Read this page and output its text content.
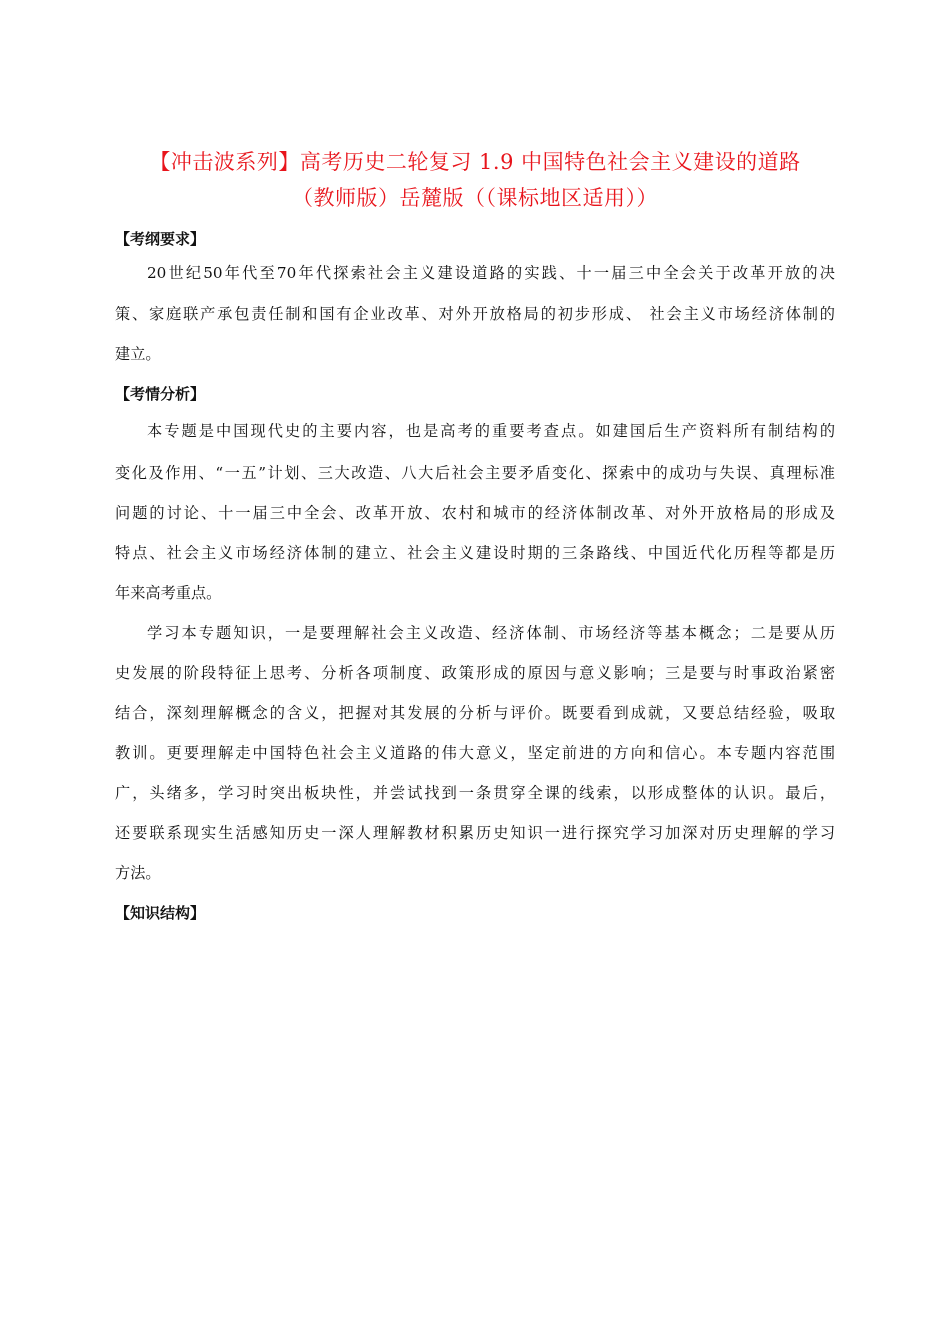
【冲击波系列】高考历史二轮复习 1.9 中国特色社会主义建设的道路
（教师版）岳麓版（（课标地区适用））
【考纲要求】
20世纪50年代至70年代探索社会主义建设道路的实践、十一届三中全会关于改革开放的决
策、家庭联产承包责任制和国有企业改革、对外开放格局的初步形成、 社会主义市场经济体制的
建立。
【考情分析】
本专题是中国现代史的主要内容，也是高考的重要考查点。如建国后生产资料所有制结构的
变化及作用、“一五”计划、三大改造、八大后社会主要矛盾变化、探索中的成功与失误、真理标准
问题的讨论、十一届三中全会、改革开放、农村和城市的经济体制改革、对外开放格局的形成及
特点、社会主义市场经济体制的建立、社会主义建设时期的三条路线、中国近代化历程等都是历
年来高考重点。
学习本专题知识，一是要理解社会主义改造、经济体制、市场经济等基本概念；二是要从历
史发展的阶段特征上思考、分析各项制度、政策形成的原因与意义影响；三是要与时事政治紧密
结合，深刻理解概念的含义，把握对其发展的分析与评价。既要看到成就，又要总结经验，吸取
教训。更要理解走中国特色社会主义道路的伟大意义，坚定前进的方向和信心。本专题内容范围
广，头绪多，学习时突出板块性，并尝试找到一条贯穿全课的线索，以形成整体的认识。最后，
还要联系现实生活感知历史一深人理解教材积累历史知识一进行探究学习加深对历史理解的学习
方法。
【知识结构】
